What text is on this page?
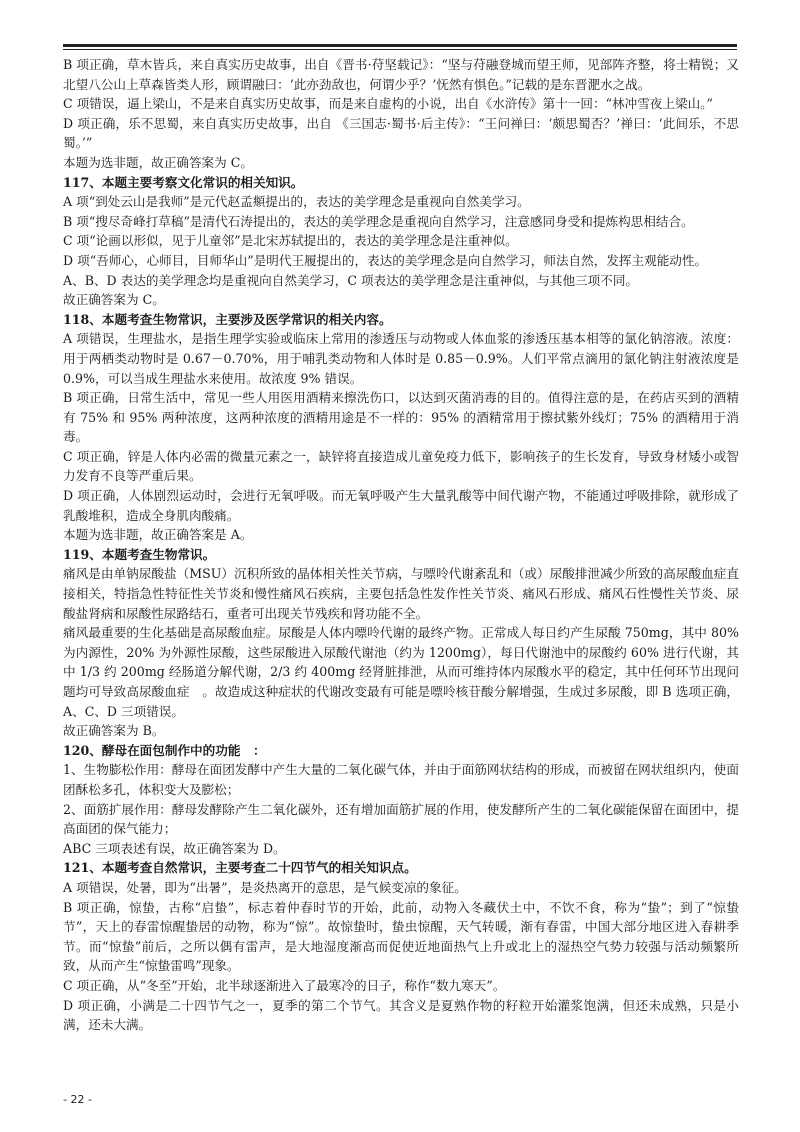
B 项正确，草木皆兵，来自真实历史故事，出自《晋书·苻坚载记》：“坚与苻融登城而望王师，见部阵齐整，将士精锐；又北望八公山上草森皆类人形，顾谓融曰：‘此亦劲敌也，何谓少乎？’怃然有惧色。”记载的是东晋淝水之战。

C 项错误，逼上梁山，不是来自真实历史故事，而是来自虚构的小说，出自《水浒传》第十一回：“林冲雪夜上梁山。”

D 项正确，乐不思蜀，来自真实历史故事，出自 《三国志·蜀书·后主传》：“王问禅曰：‘颇思蜀否？’禅曰：‘此间乐，不思蜀。’”

本题为选非题，故正确答案为 C。

117、本题主要考察文化常识的相关知识。

A 项“到处云山是我师”是元代赵孟頫提出的，表达的美学理念是重视向自然美学习。

B 项“搜尽奇峰打草稿”是清代石涛提出的，表达的美学理念是重视向自然学习，注意感同身受和提炼构思相结合。

C 项“论画以形似，见于儿童邻”是北宋苏轼提出的，表达的美学理念是注重神似。

D 项“吾师心，心师目，目师华山”是明代王履提出的，表达的美学理念是向自然学习，师法自然，发挥主观能动性。

A、B、D 表达的美学理念均是重视向自然美学习，C 项表达的美学理念是注重神似，与其他三项不同。

故正确答案为 C。

118、本题考查生物常识，主要涉及医学常识的相关内容。

A 项错误，生理盐水，是指生理学实验或临床上常用的渗透压与动物或人体血浆的渗透压基本相等的氯化钠溶液。浓度：用于两栖类动物时是 0.67－0.70%，用于哺乳类动物和人体时是 0.85－0.9%。人们平常点滴用的氯化钠注射液浓度是 0.9%，可以当成生理盐水来使用。故浓度 9% 错误。

B 项正确，日常生活中，常见一些人用医用酒精来擦洗伤口，以达到灭菌消毒的目的。值得注意的是，在药店买到的酒精有 75% 和 95% 两种浓度，这两种浓度的酒精用途是不一样的：95% 的酒精常用于擦拭紫外线灯；75% 的酒精用于消毒。

C 项正确，锌是人体内必需的微量元素之一，缺锌将直接造成儿童免疫力低下，影响孩子的生长发育，导致身材矮小或智力发育不良等严重后果。

D 项正确，人体剧烈运动时，会进行无氧呼吸。而无氧呼吸产生大量乳酸等中间代谢产物，不能通过呼吸排除，就形成了乳酸堆积，造成全身肌肉酸痛。

本题为选非题，故正确答案是 A。

119、本题考查生物常识。

痛风是由单钠尿酸盐（MSU）沉积所致的晶体相关性关节病，与嘌呤代谢紊乱和（或）尿酸排泄减少所致的高尿酸血症直接相关，特指急性特征性关节炎和慢性痛风石疾病，主要包括急性发作性关节炎、痛风石形成、痛风石性慢性关节炎、尿酸盐肾病和尿酸性尿路结石，重者可出现关节残疾和肾功能不全。

痛风最重要的生化基础是高尿酸血症。尿酸是人体内嘌呤代谢的最终产物。正常成人每日约产生尿酸 750mg，其中 80% 为内源性，20% 为外源性尿酸，这些尿酸进入尿酸代谢池（约为 1200mg），每日代谢池中的尿酸约 60% 进行代谢，其中 1/3 约 200mg 经肠道分解代谢，2/3 约 400mg 经肾脏排泄，从而可维持体内尿酸水平的稳定，其中任何环节出现问题均可导致高尿酸血症　。故造成这种症状的代谢改变最有可能是嘌呤核苷酸分解增强，生成过多尿酸，即 B 选项正确，A、C、D 三项错误。

故正确答案为 B。

120、酵母在面包制作中的功能　：

1、生物膨松作用：酵母在面团发酵中产生大量的二氧化碳气体，并由于面筋网状结构的形成，而被留在网状组织内，使面团酥松多孔，体积变大及膨松；

2、面筋扩展作用：酵母发酵除产生二氧化碳外，还有增加面筋扩展的作用，使发酵所产生的二氧化碳能保留在面团中，提高面团的保气能力；

ABC 三项表述有误，故正确答案为 D。

121、本题考查自然常识，主要考查二十四节气的相关知识点。

A 项错误，处暑，即为“出暑”，是炎热离开的意思，是气候变凉的象征。

B 项正确，惊蛰，古称“启蛰”，标志着仲春时节的开始，此前，动物入冬藏伏土中，不饮不食，称为“蛰”；到了“惊蛰节”，天上的春雷惊醒蛰居的动物，称为“惊”。故惊蛰时，蛰虫惊醒，天气转暖，渐有春雷，中国大部分地区进入春耕季节。而“惊蛰”前后，之所以偶有雷声，是大地湿度渐高而促使近地面热气上升或北上的湿热空气势力较强与活动频繁所致，从而产生“惊蛰雷鸣”现象。

C 项正确，从“冬至”开始，北半球逐渐进入了最寒冷的日子，称作“数九寒天”。

D 项正确，小满是二十四节气之一，夏季的第二个节气。其含义是夏熟作物的籽粒开始灌浆饱满，但还未成熟，只是小满，还未大满。

- 22 -
